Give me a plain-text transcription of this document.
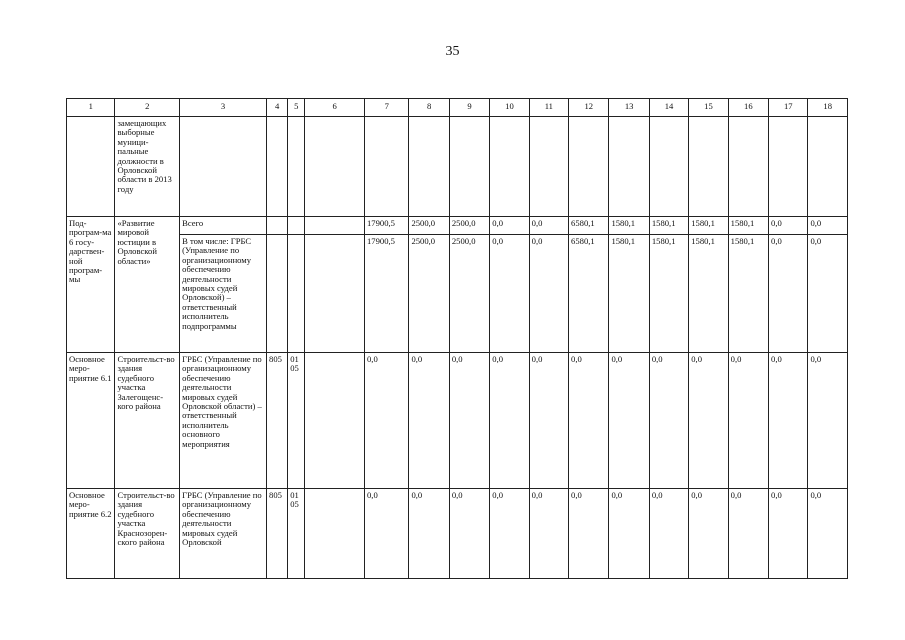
35
1	2	3	4	5	6	7	8	9	10	11	12	13	14	15	16	17	18
	замещающих выборные муници-пальные должности в Орловской области в 2013 году																
Под-програм-ма 6 госу-дарствен-ной програм-мы	«Развитие мировой юстиции в Орловской области»	Всего				17900,5	2500,0	2500,0	0,0	0,0	6580,1	1580,1	1580,1	1580,1	1580,1	0,0	0,0
		В том числе: ГРБС (Управление по организационному обеспечению деятельности мировых судей Орловской) – ответственный исполнитель подпрограммы				17900,5	2500,0	2500,0	0,0	0,0	6580,1	1580,1	1580,1	1580,1	1580,1	0,0	0,0
Основное меро-приятие 6.1	Строительст-во здания судебного участка Залегощенс-кого района	ГРБС (Управление по организационному обеспечению деятельности мировых судей Орловской области) – ответственный исполнитель основного мероприятия	805	01 05		0,0	0,0	0,0	0,0	0,0	0,0	0,0	0,0	0,0	0,0	0,0	0,0
Основное меро-приятие 6.2	Строительст-во здания судебного участка Краснозорен-ского района	ГРБС (Управление по организационному обеспечению деятельности мировых судей Орловской	805	01 05		0,0	0,0	0,0	0,0	0,0	0,0	0,0	0,0	0,0	0,0	0,0	0,0
